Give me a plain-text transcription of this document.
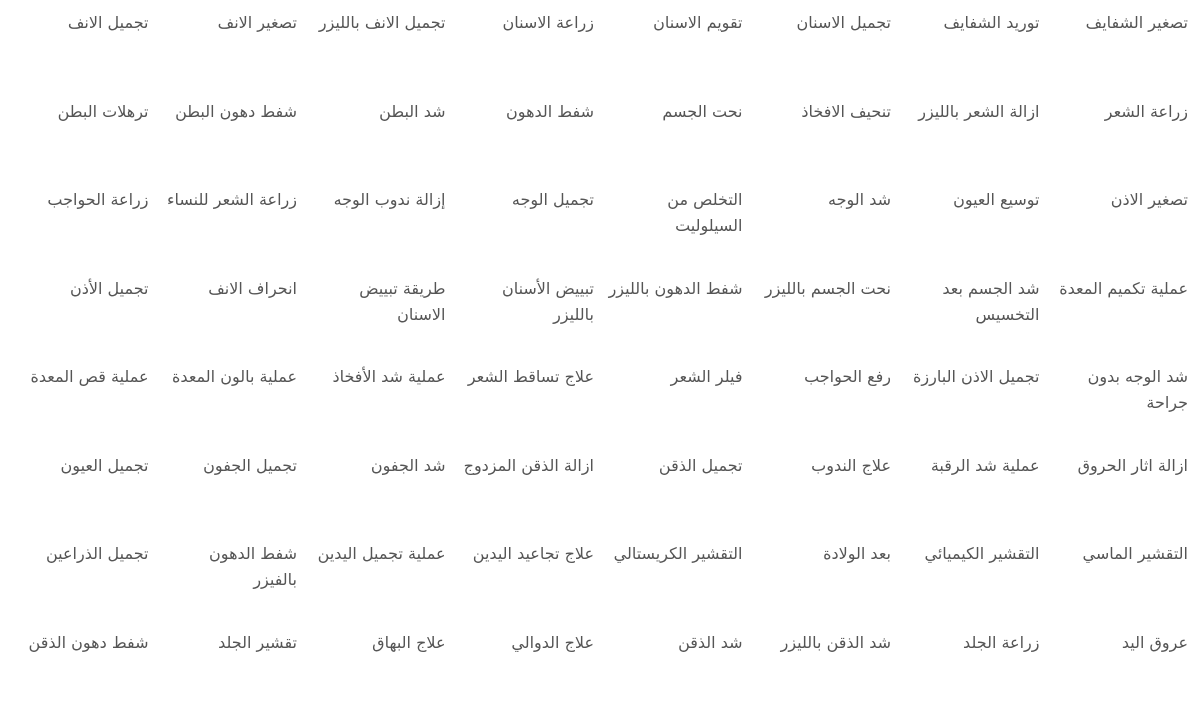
تصغير الشفايف
توريد الشفايف
تجميل الاسنان
تقويم الاسنان
زراعة الاسنان
تجميل الانف بالليزر
تصغير الانف
تجميل الانف
زراعة الشعر
ازالة الشعر بالليزر
تنحيف الافخاذ
نحت الجسم
شفط الدهون
شد البطن
شفط دهون البطن
ترهلات البطن
تصغير الاذن
توسيع العيون
شد الوجه
التخلص من السيلوليت
تجميل الوجه
إزالة ندوب الوجه
زراعة الشعر للنساء
زراعة الحواجب
عملية تكميم المعدة
شد الجسم بعد التخسيس
نحت الجسم بالليزر
شفط الدهون بالليزر
تبييض الأسنان بالليزر
طريقة تبييض الاسنان
انحراف الانف
تجميل الأذن
شد الوجه بدون جراحة
تجميل الاذن البارزة
رفع الحواجب
فيلر الشعر
علاج تساقط الشعر
عملية شد الأفخاذ
عملية بالون المعدة
عملية قص المعدة
ازالة اثار الحروق
عملية شد الرقبة
علاج الندوب
تجميل الذقن
ازالة الذقن المزدوج
شد الجفون
تجميل الجفون
تجميل العيون
التقشير الماسي
التقشير الكيميائي
بعد الولادة
التقشير الكريستالي
علاج تجاعيد اليدين
عملية تجميل اليدين
شفط الدهون بالفيزر
تجميل الذراعين
عروق اليد
زراعة الجلد
شد الذقن بالليزر
شد الذقن
علاج الدوالي
علاج البهاق
تقشير الجلد
شفط دهون الذقن
